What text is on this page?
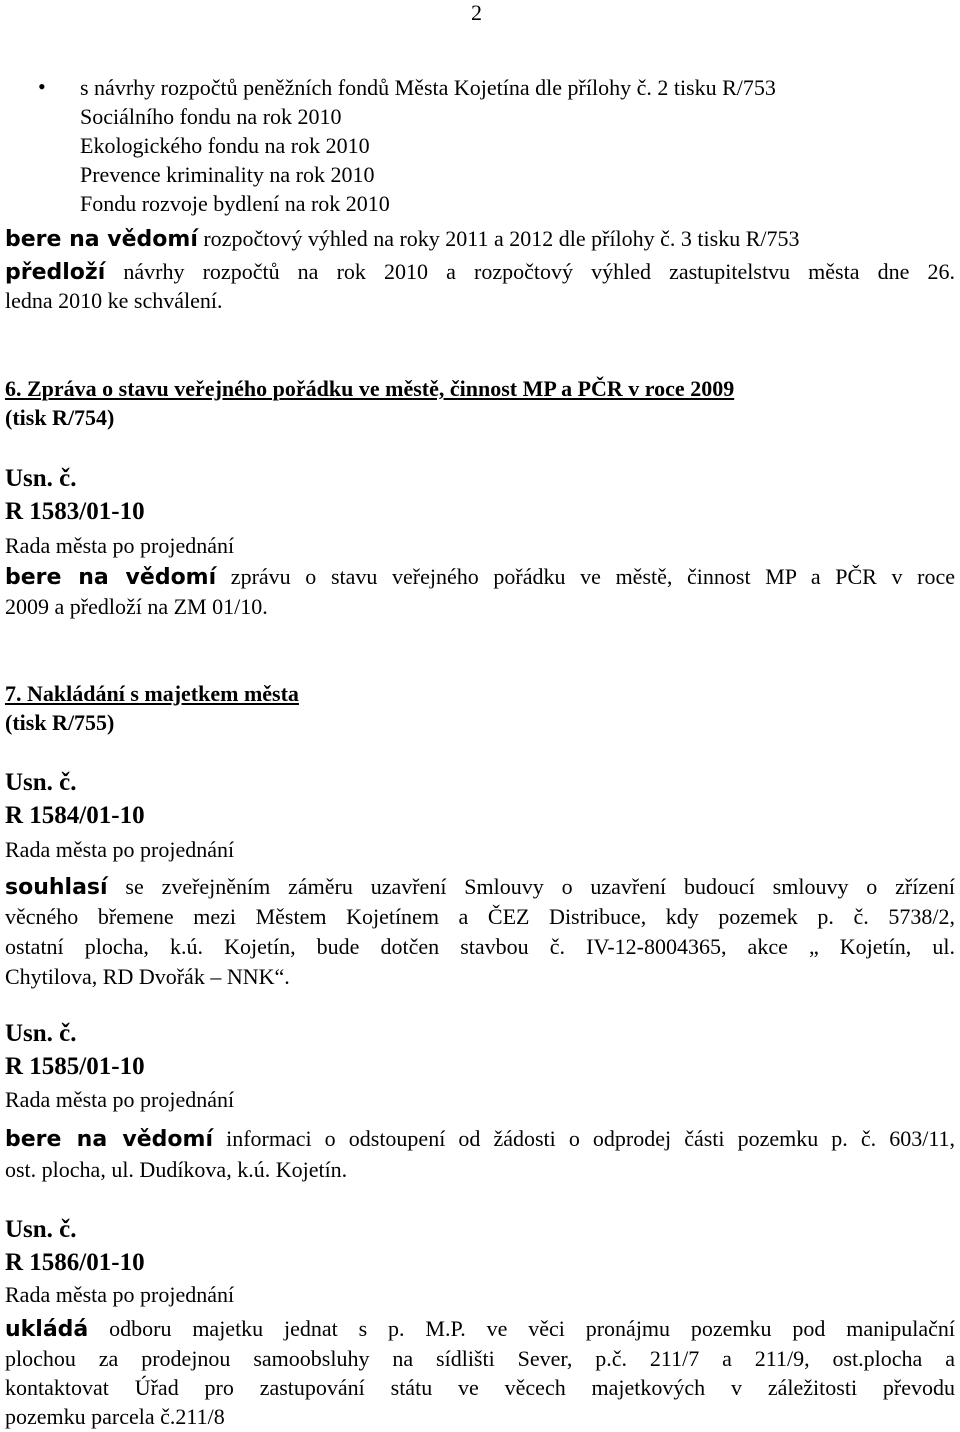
2
• s návrhy rozpočtů peněžních fondů Města Kojetína dle přílohy č. 2 tisku R/753
Sociálního fondu na rok 2010
Ekologického fondu na rok 2010
Prevence kriminality na rok 2010
Fondu rozvoje bydlení na rok 2010
bere na vědomí rozpočtový výhled na roky 2011 a 2012 dle přílohy č. 3 tisku R/753
předloží návrhy rozpočtů na rok 2010 a rozpočtový výhled zastupitelstvu města dne 26.
ledna 2010 ke schválení.
6. Zpráva o stavu veřejného pořádku ve městě, činnost MP a PČR v roce 2009
(tisk R/754)
Usn. č.
R 1583/01-10
Rada města po projednání
bere na vědomí zprávu o stavu veřejného pořádku ve městě, činnost MP a PČR v roce
2009 a předloží na ZM 01/10.
7. Nakládání s majetkem města
(tisk R/755)
Usn. č.
R 1584/01-10
Rada města po projednání
souhlasí se zveřejněním záměru uzavření Smlouvy o uzavření budoucí smlouvy o zřízení
věcného břemene mezi Městem Kojetínem a ČEZ Distribuce, kdy pozemek p. č. 5738/2,
ostatní plocha, k.ú. Kojetín, bude dotčen stavbou č. IV-12-8004365, akce „ Kojetín, ul.
Chytilova, RD Dvořák – NNK“.
Usn. č.
R 1585/01-10
Rada města po projednání
bere na vědomí informaci o odstoupení od žádosti o odprodej části pozemku p. č. 603/11,
ost. plocha, ul. Dudíkova, k.ú. Kojetín.
Usn. č.
R 1586/01-10
Rada města po projednání
ukládá odboru majetku jednat s p. M.P. ve věci pronájmu pozemku pod manipulační
plochou za prodejnou samoobsluhy na sídlišti Sever, p.č. 211/7 a 211/9, ost.plocha a
kontaktovat Úřad pro zastupování státu ve věcech majetkových v záležitosti převodu
pozemku parcela č.211/8
